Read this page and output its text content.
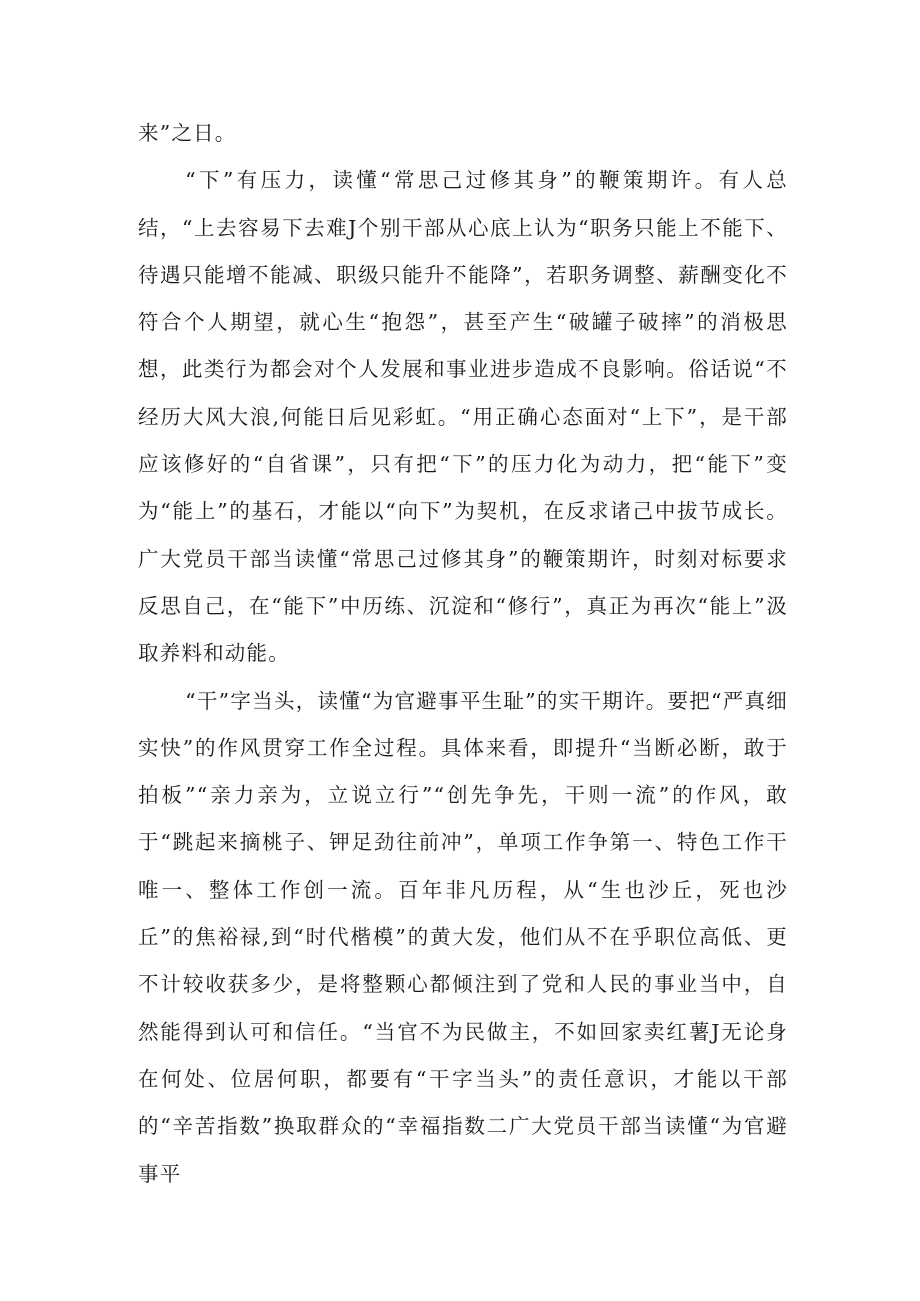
来”之日。

“下”有压力，读懂“常思己过修其身”的鞭策期许。有人总结，“上去容易下去难J个别干部从心底上认为“职务只能上不能下、待遇只能增不能减、职级只能升不能降”，若职务调整、薪酬变化不符合个人期望，就心生“抱怨”，甚至产生“破罐子破摔”的消极思想，此类行为都会对个人发展和事业进步造成不良影响。俗话说“不经历大风大浪,何能日后见彩虹。“用正确心态面对“上下”，是干部应该修好的“自省课”，只有把“下”的压力化为动力，把“能下”变为“能上”的基石，才能以“向下”为契机，在反求诸己中拔节成长。广大党员干部当读懂“常思己过修其身”的鞭策期许，时刻对标要求反思自己，在“能下”中历练、沉淀和“修行”，真正为再次“能上”汲取养料和动能。

“干”字当头，读懂“为官避事平生耻”的实干期许。要把“严真细实快”的作风贯穿工作全过程。具体来看，即提升“当断必断，敢于拍板”“亲力亲为，立说立行”“创先争先，干则一流”的作风，敢于“跳起来摘桃子、钾足劲往前冲”，单项工作争第一、特色工作干唯一、整体工作创一流。百年非凡历程，从“生也沙丘，死也沙丘”的焦裕禄,到“时代楷模”的黄大发，他们从不在乎职位高低、更不计较收获多少，是将整颗心都倾注到了党和人民的事业当中，自然能得到认可和信任。“当官不为民做主，不如回家卖红薯J无论身在何处、位居何职，都要有“干字当头”的责任意识，才能以干部的“辛苦指数”换取群众的“幸福指数二广大党员干部当读懂“为官避事平
